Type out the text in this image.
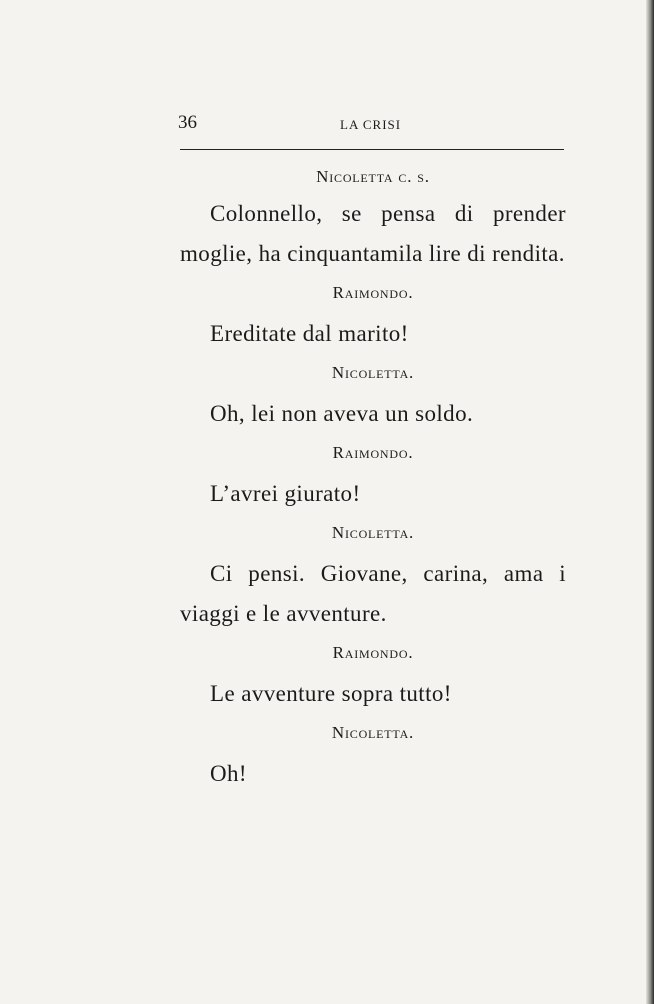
36	LA CRISI
Nicoletta c. s.

Colonnello, se pensa di prender moglie, ha cinquantamila lire di rendita.

Raimondo.

Ereditate dal marito!

Nicoletta.

Oh, lei non aveva un soldo.

Raimondo.

L’avrei giurato!

Nicoletta.

Ci pensi. Giovane, carina, ama i viaggi e le avventure.

Raimondo.

Le avventure sopra tutto!

Nicoletta.

Oh!
